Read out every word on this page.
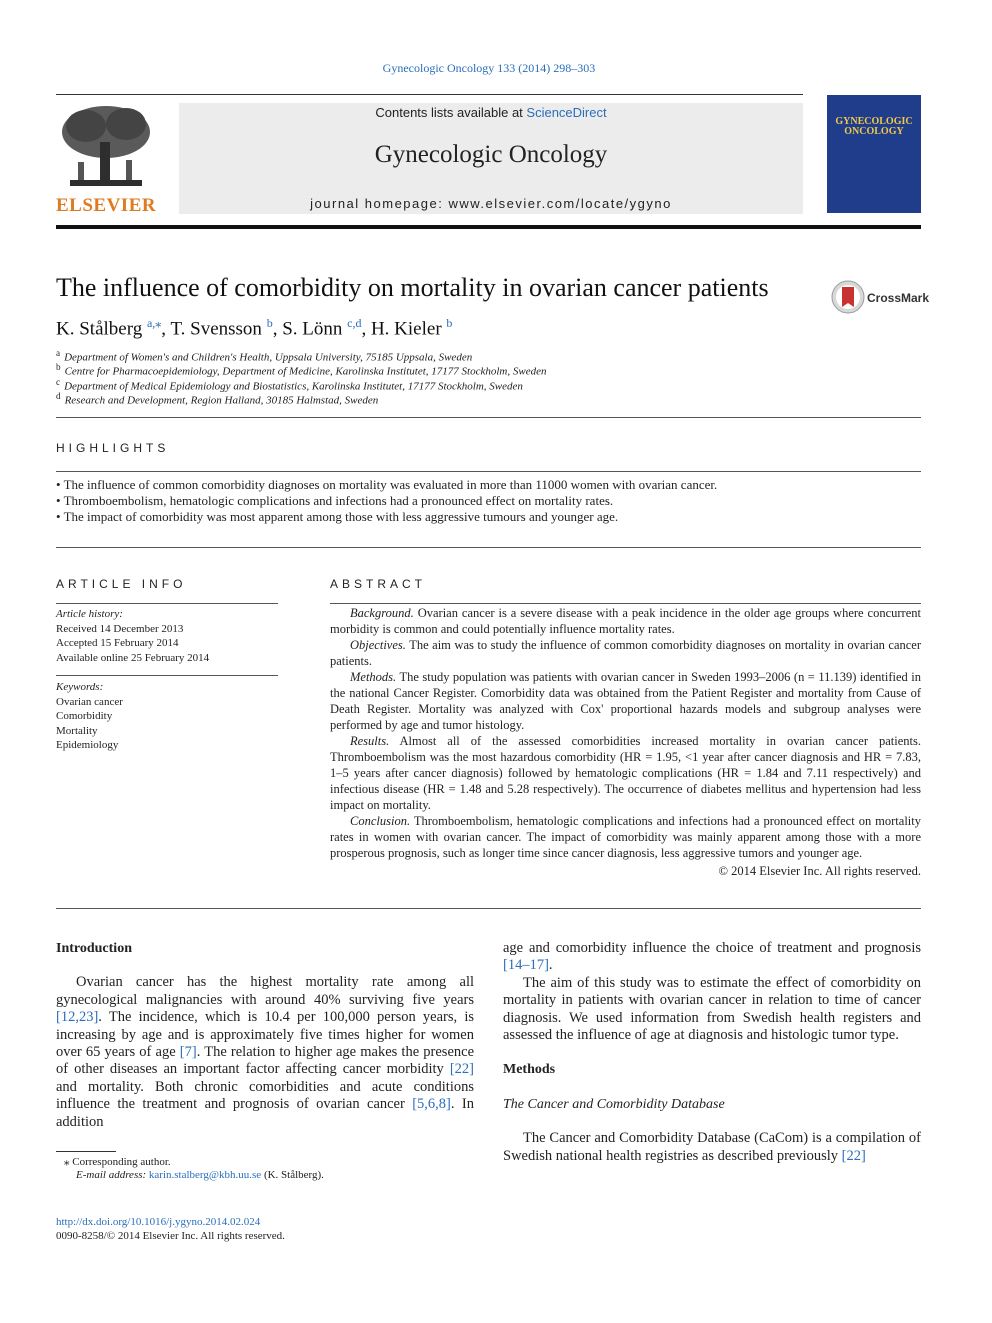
Gynecologic Oncology 133 (2014) 298–303
ELSEVIER
Contents lists available at ScienceDirect
Gynecologic Oncology
journal homepage: www.elsevier.com/locate/ygyno
GYNECOLOGIC ONCOLOGY
The influence of comorbidity on mortality in ovarian cancer patients	CrossMark
K. Stålberg $^{a,⁎}$, T. Svensson $^b$, S. Lönn $^{c,d}$, H. Kieler $^b$
$^a$ Department of Women's and Children's Health, Uppsala University, 75185 Uppsala, Sweden
$^b$ Centre for Pharmacoepidemiology, Department of Medicine, Karolinska Institutet, 17177 Stockholm, Sweden
$^c$ Department of Medical Epidemiology and Biostatistics, Karolinska Institutet, 17177 Stockholm, Sweden
$^d$ Research and Development, Region Halland, 30185 Halmstad, Sweden
HIGHLIGHTS
• The influence of common comorbidity diagnoses on mortality was evaluated in more than 11000 women with ovarian cancer.
• Thromboembolism, hematologic complications and infections had a pronounced effect on mortality rates.
• The impact of comorbidity was most apparent among those with less aggressive tumours and younger age.
ARTICLE INFO
Article history:
Received 14 December 2013
Accepted 15 February 2014
Available online 25 February 2014
Keywords:
Ovarian cancer
Comorbidity
Mortality
Epidemiology
ABSTRACT

Background. Ovarian cancer is a severe disease with a peak incidence in the older age groups where concurrent morbidity is common and could potentially influence mortality rates.

Objectives. The aim was to study the influence of common comorbidity diagnoses on mortality in ovarian cancer patients.

Methods. The study population was patients with ovarian cancer in Sweden 1993–2006 (n = 11.139) identified in the national Cancer Register. Comorbidity data was obtained from the Patient Register and mortality from Cause of Death Register. Mortality was analyzed with Cox' proportional hazards models and subgroup analyses were performed by age and tumor histology.

Results. Almost all of the assessed comorbidities increased mortality in ovarian cancer patients. Thromboembolism was the most hazardous comorbidity (HR = 1.95, <1 year after cancer diagnosis and HR = 7.83, 1–5 years after cancer diagnosis) followed by hematologic complications (HR = 1.84 and 7.11 respectively) and infectious disease (HR = 1.48 and 5.28 respectively). The occurrence of diabetes mellitus and hypertension had less impact on mortality.

Conclusion. Thromboembolism, hematologic complications and infections had a pronounced effect on mortality rates in women with ovarian cancer. The impact of comorbidity was mainly apparent among those with a more prosperous prognosis, such as longer time since cancer diagnosis, less aggressive tumors and younger age.

© 2014 Elsevier Inc. All rights reserved.

Introduction

Ovarian cancer has the highest mortality rate among all gynecological malignancies with around 40% surviving five years [12,23]. The incidence, which is 10.4 per 100,000 person years, is increasing by age and is approximately five times higher for women over 65 years of age [7]. The relation to higher age makes the presence of other diseases an important factor affecting cancer morbidity [22] and mortality. Both chronic comorbidities and acute conditions influence the treatment and prognosis of ovarian cancer [5,6,8]. In addition

age and comorbidity influence the choice of treatment and prognosis [14–17].

The aim of this study was to estimate the effect of comorbidity on mortality in patients with ovarian cancer in relation to time of cancer diagnosis. We used information from Swedish health registers and assessed the influence of age at diagnosis and histologic tumor type.

Methods

The Cancer and Comorbidity Database

The Cancer and Comorbidity Database (CaCom) is a compilation of Swedish national health registries as described previously [22]

⁎ Corresponding author.
E-mail address: karin.stalberg@kbh.uu.se (K. Stålberg).
http://dx.doi.org/10.1016/j.ygyno.2014.02.024
0090-8258/© 2014 Elsevier Inc. All rights reserved.
